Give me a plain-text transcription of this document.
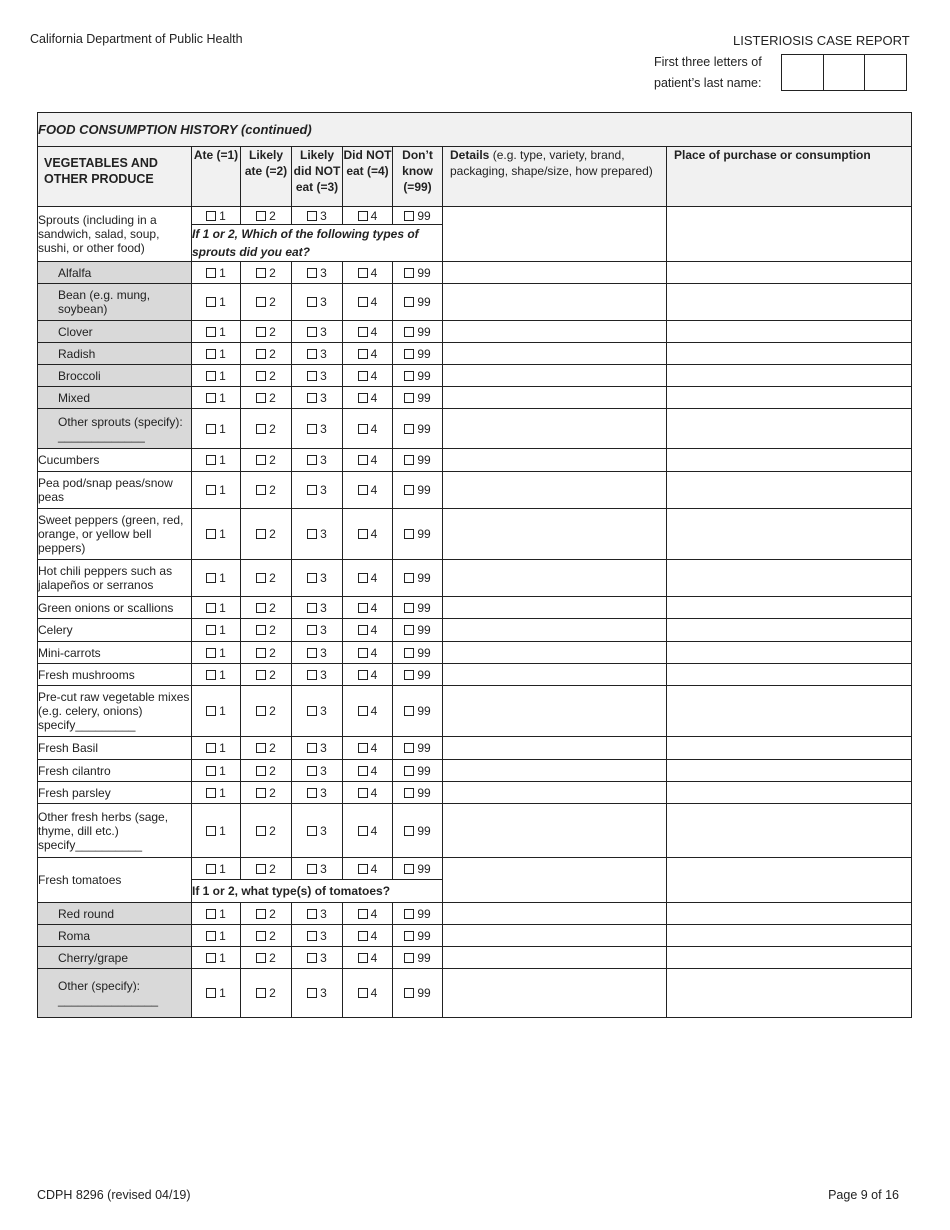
California Department of Public Health	LISTERIOSIS CASE REPORT
First three letters of patient’s last name:
FOOD CONSUMPTION HISTORY (continued)							
VEGETABLES AND OTHER PRODUCE	Ate (=1)	Likely ate (=2)	Likely did NOT eat (=3)	Did NOT eat (=4)	Don’t know (=99)	Details (e.g. type, variety, brand, packaging, shape/size, how prepared)	Place of purchase or consumption
Sprouts (including in a sandwich, salad, soup, sushi, or other food)	1	2	3	4	99		
	If 1 or 2, Which of the following types of sprouts did you eat?						
Alfalfa	1	2	3	4	99		
Bean (e.g. mung, soybean)	1	2	3	4	99		
Clover	1	2	3	4	99		
Radish	1	2	3	4	99		
Broccoli	1	2	3	4	99		
Mixed	1	2	3	4	99		
Other sprouts (specify): _____________	1	2	3	4	99		
Cucumbers	1	2	3	4	99		
Pea pod/snap peas/snow peas	1	2	3	4	99		
Sweet peppers (green, red, orange, or yellow bell peppers)	1	2	3	4	99		
Hot chili peppers such as jalapeños or serranos	1	2	3	4	99		
Green onions or scallions	1	2	3	4	99		
Celery	1	2	3	4	99		
Mini-carrots	1	2	3	4	99		
Fresh mushrooms	1	2	3	4	99		
Pre-cut raw vegetable mixes (e.g. celery, onions) specify_________	1	2	3	4	99		
Fresh Basil	1	2	3	4	99		
Fresh cilantro	1	2	3	4	99		
Fresh parsley	1	2	3	4	99		
Other fresh herbs (sage, thyme, dill etc.) specify__________	1	2	3	4	99		
Fresh tomatoes	1	2	3	4	99		
	If 1 or 2, what type(s) of tomatoes?						
Red round	1	2	3	4	99		
Roma	1	2	3	4	99		
Cherry/grape	1	2	3	4	99		
Other (specify): _______________	1	2	3	4	99		
CDPH 8296 (revised 04/19)	Page 9 of 16
